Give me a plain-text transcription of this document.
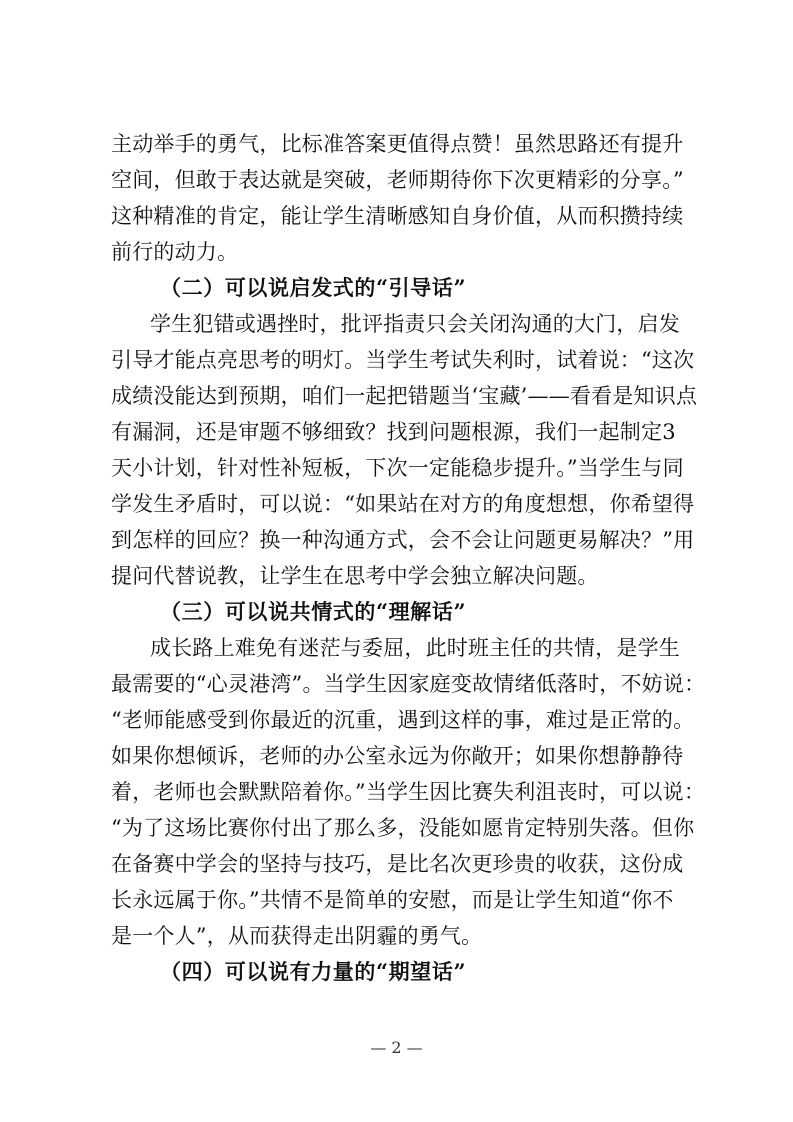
主动举手的勇气，比标准答案更值得点赞！虽然思路还有提升
空间，但敢于表达就是突破，老师期待你下次更精彩的分享。”
这种精准的肯定，能让学生清晰感知自身价值，从而积攒持续
前行的动力。
（二）可以说启发式的“引导话”
学生犯错或遇挫时，批评指责只会关闭沟通的大门，启发
引导才能点亮思考的明灯。当学生考试失利时，试着说：“这次
成绩没能达到预期，咱们一起把错题当‘宝藏’——看看是知识点
有漏洞，还是审题不够细致？找到问题根源，我们一起制定3
天小计划，针对性补短板，下次一定能稳步提升。”当学生与同
学发生矛盾时，可以说：“如果站在对方的角度想想，你希望得
到怎样的回应？换一种沟通方式，会不会让问题更易解决？”用
提问代替说教，让学生在思考中学会独立解决问题。
（三）可以说共情式的“理解话”
成长路上难免有迷茫与委屈，此时班主任的共情，是学生
最需要的“心灵港湾”。当学生因家庭变故情绪低落时，不妨说：
“老师能感受到你最近的沉重，遇到这样的事，难过是正常的。
如果你想倾诉，老师的办公室永远为你敞开；如果你想静静待
着，老师也会默默陪着你。”当学生因比赛失利沮丧时，可以说：
“为了这场比赛你付出了那么多，没能如愿肯定特别失落。但你
在备赛中学会的坚持与技巧，是比名次更珍贵的收获，这份成
长永远属于你。”共情不是简单的安慰，而是让学生知道“你不
是一个人”，从而获得走出阴霾的勇气。
（四）可以说有力量的“期望话”
— 2 —
